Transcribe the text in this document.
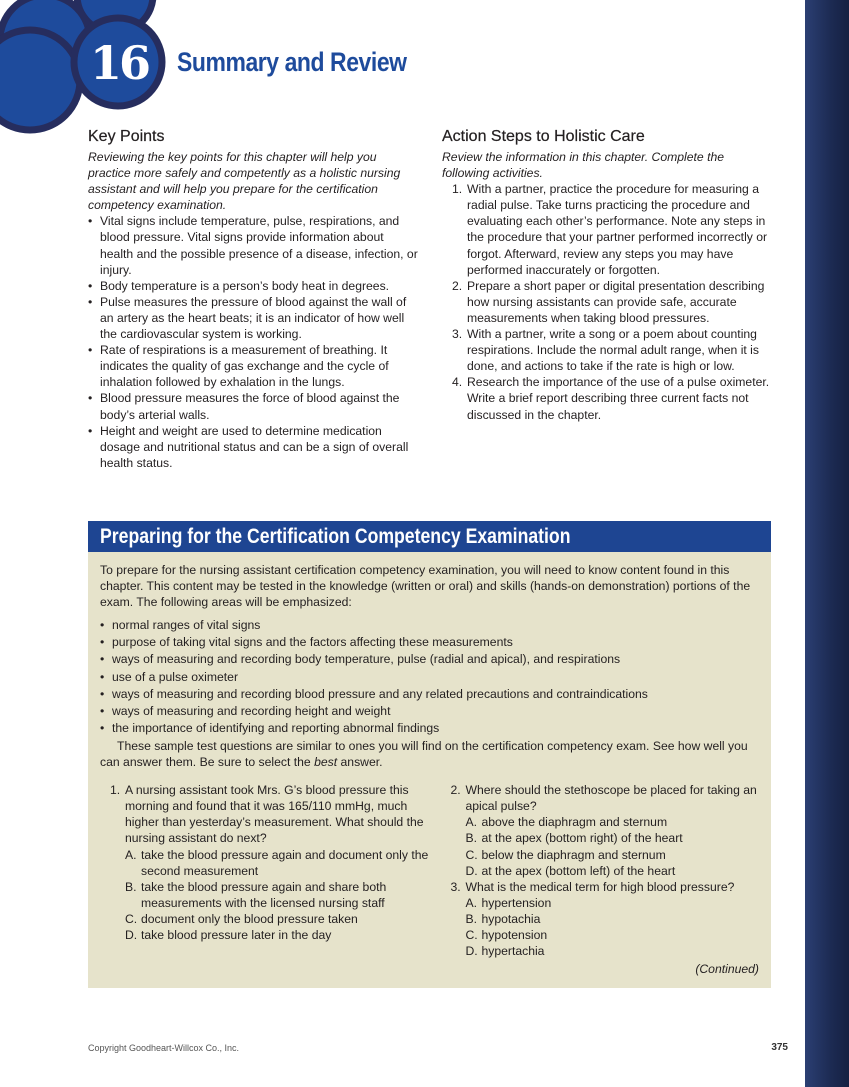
16 Summary and Review
Key Points
Reviewing the key points for this chapter will help you practice more safely and competently as a holistic nursing assistant and will help you prepare for the certification competency examination.
• Vital signs include temperature, pulse, respirations, and blood pressure. Vital signs provide information about health and the possible presence of a disease, infection, or injury.
• Body temperature is a person’s body heat in degrees.
• Pulse measures the pressure of blood against the wall of an artery as the heart beats; it is an indicator of how well the cardiovascular system is working.
• Rate of respirations is a measurement of breathing. It indicates the quality of gas exchange and the cycle of inhalation followed by exhalation in the lungs.
• Blood pressure measures the force of blood against the body’s arterial walls.
• Height and weight are used to determine medication dosage and nutritional status and can be a sign of overall health status.
Action Steps to Holistic Care
Review the information in this chapter. Complete the following activities.
1. With a partner, practice the procedure for measuring a radial pulse. Take turns practicing the procedure and evaluating each other’s performance. Note any steps in the procedure that your partner performed incorrectly or forgot. Afterward, review any steps you may have performed inaccurately or forgotten.
2. Prepare a short paper or digital presentation describing how nursing assistants can provide safe, accurate measurements when taking blood pressures.
3. With a partner, write a song or a poem about counting respirations. Include the normal adult range, when it is done, and actions to take if the rate is high or low.
4. Research the importance of the use of a pulse oximeter. Write a brief report describing three current facts not discussed in the chapter.
Preparing for the Certification Competency Examination
To prepare for the nursing assistant certification competency examination, you will need to know content found in this chapter. This content may be tested in the knowledge (written or oral) and skills (hands-on demonstration) portions of the exam. The following areas will be emphasized:
• normal ranges of vital signs
• purpose of taking vital signs and the factors affecting these measurements
• ways of measuring and recording body temperature, pulse (radial and apical), and respirations
• use of a pulse oximeter
• ways of measuring and recording blood pressure and any related precautions and contraindications
• ways of measuring and recording height and weight
• the importance of identifying and reporting abnormal findings
These sample test questions are similar to ones you will find on the certification competency exam. See how well you can answer them. Be sure to select the best answer.
1. A nursing assistant took Mrs. G’s blood pressure this morning and found that it was 165/110 mmHg, much higher than yesterday’s measurement. What should the nursing assistant do next?
A. take the blood pressure again and document only the second measurement
B. take the blood pressure again and share both measurements with the licensed nursing staff
C. document only the blood pressure taken
D. take blood pressure later in the day
2. Where should the stethoscope be placed for taking an apical pulse?
A. above the diaphragm and sternum
B. at the apex (bottom right) of the heart
C. below the diaphragm and sternum
D. at the apex (bottom left) of the heart
3. What is the medical term for high blood pressure?
A. hypertension
B. hypotachia
C. hypotension
D. hypertachia
(Continued)
Copyright Goodheart-Willcox Co., Inc.	375
